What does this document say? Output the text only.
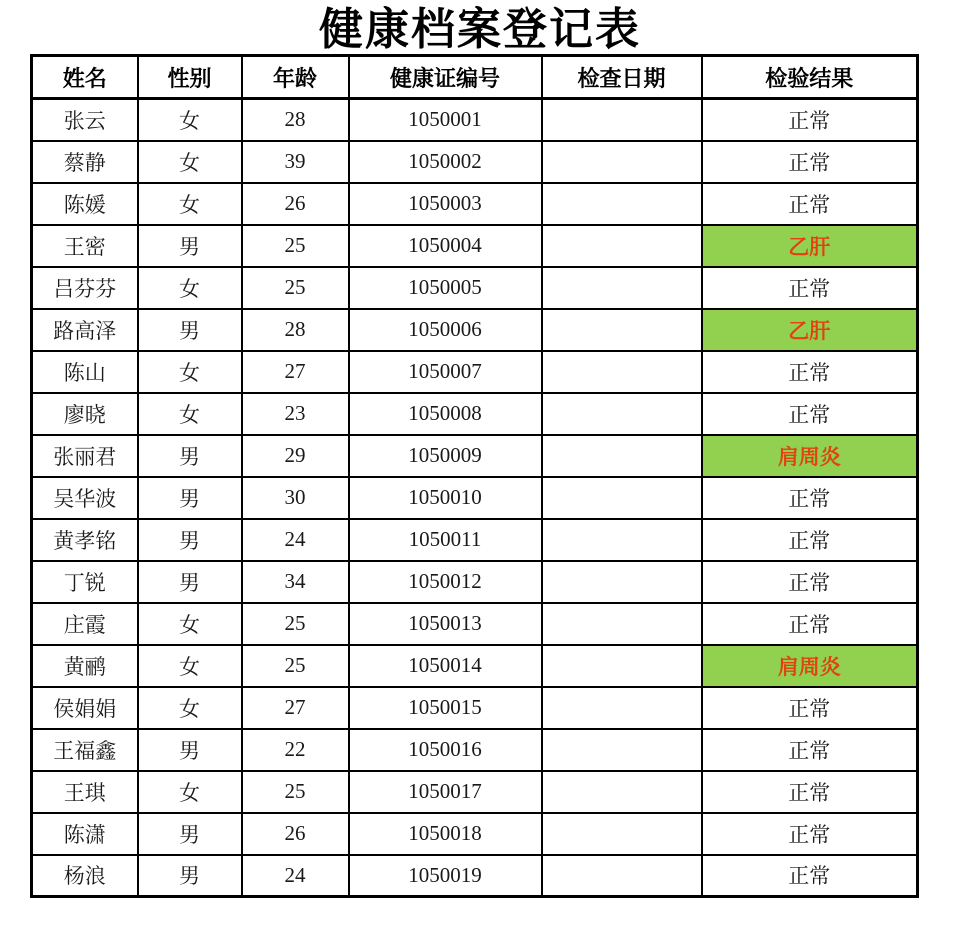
健康档案登记表
姓名	性别	年龄	健康证编号	检查日期	检验结果
张云	女	28	1050001		正常
蔡静	女	39	1050002		正常
陈媛	女	26	1050003		正常
王密	男	25	1050004		乙肝
吕芬芬	女	25	1050005		正常
路高泽	男	28	1050006		乙肝
陈山	女	27	1050007		正常
廖晓	女	23	1050008		正常
张丽君	男	29	1050009		肩周炎
吴华波	男	30	1050010		正常
黄孝铭	男	24	1050011		正常
丁锐	男	34	1050012		正常
庄霞	女	25	1050013		正常
黄鹂	女	25	1050014		肩周炎
侯娟娟	女	27	1050015		正常
王福鑫	男	22	1050016		正常
王琪	女	25	1050017		正常
陈潇	男	26	1050018		正常
杨浪	男	24	1050019		正常
